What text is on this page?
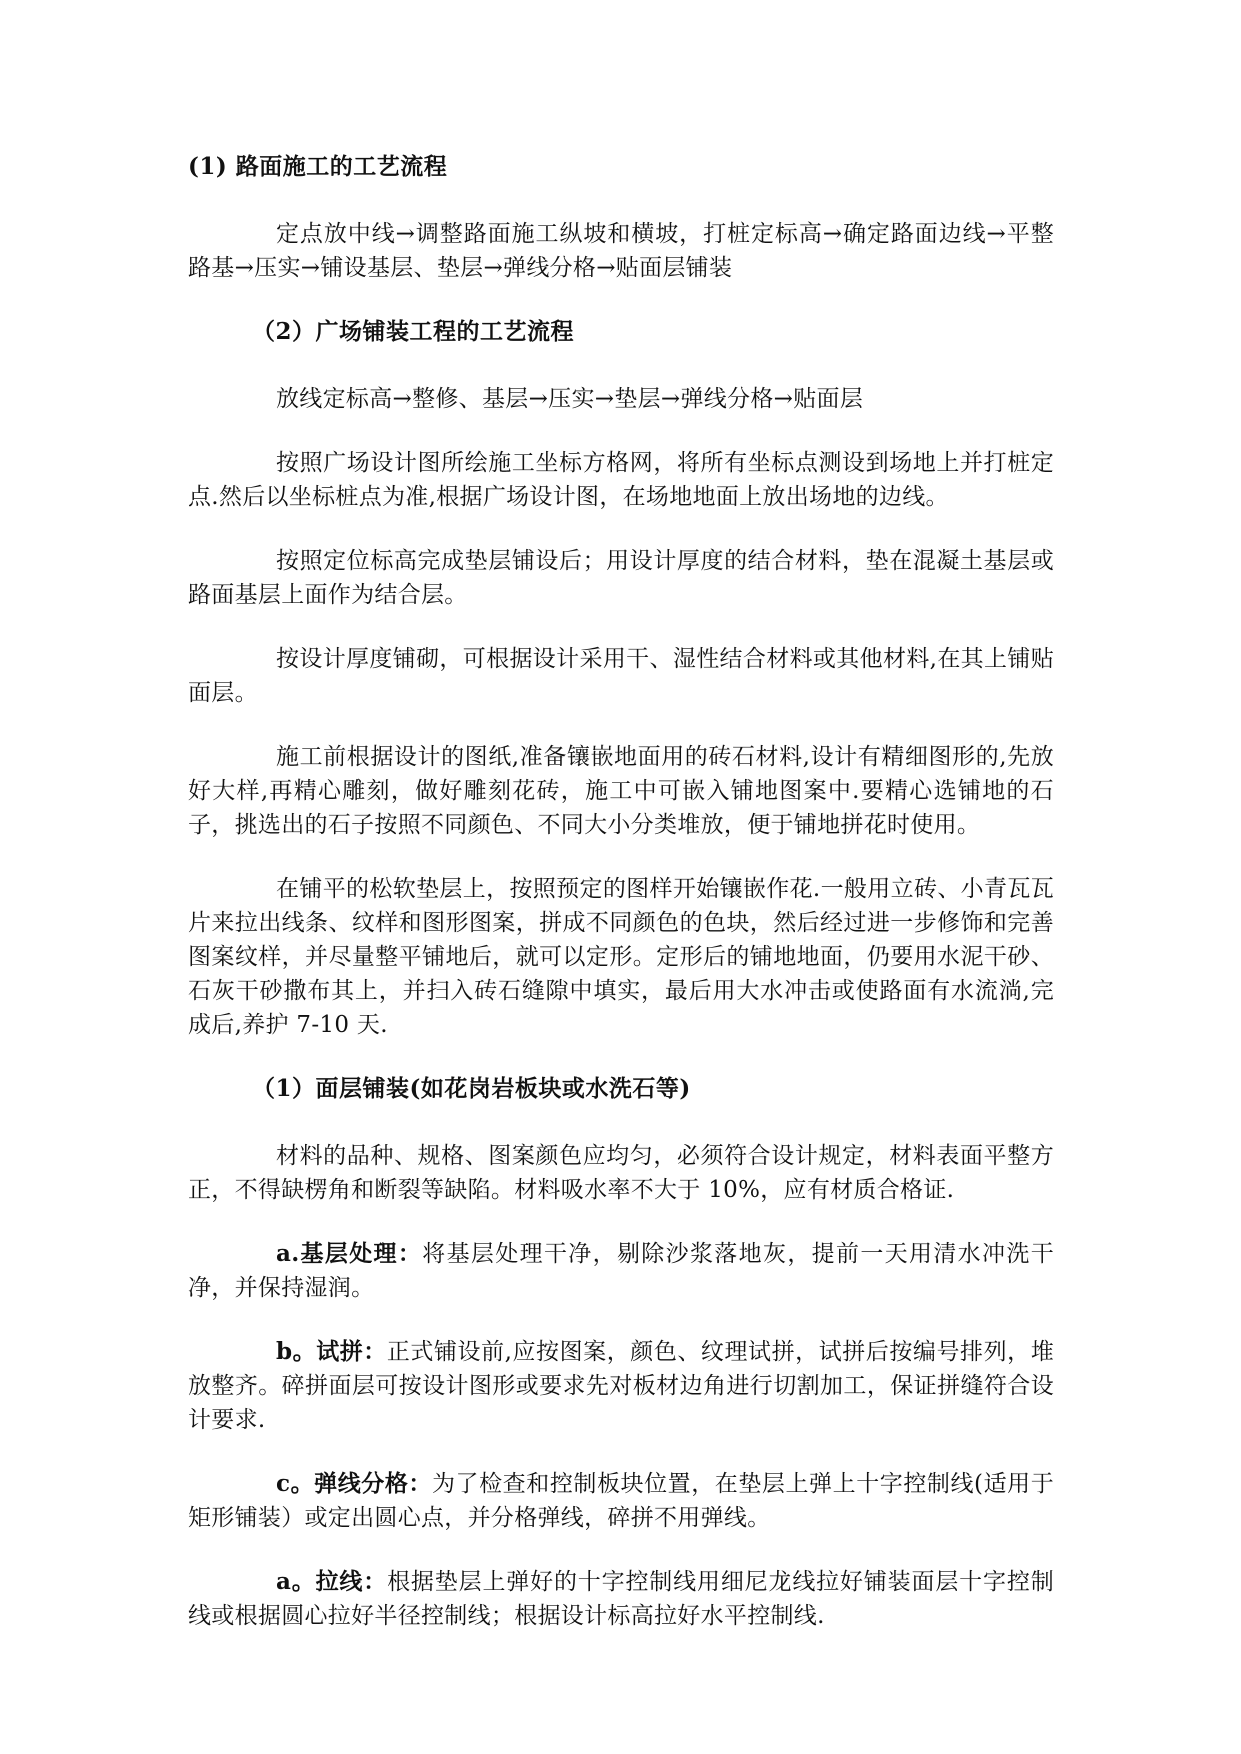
(1) 路面施工的工艺流程

定点放中线→调整路面施工纵坡和横坡，打桩定标高→确定路面边线→平整路基→压实→铺设基层、垫层→弹线分格→贴面层铺装

（2）广场铺装工程的工艺流程

放线定标高→整修、基层→压实→垫层→弹线分格→贴面层

按照广场设计图所绘施工坐标方格网，将所有坐标点测设到场地上并打桩定点.然后以坐标桩点为准,根据广场设计图，在场地地面上放出场地的边线。

按照定位标高完成垫层铺设后；用设计厚度的结合材料，垫在混凝土基层或路面基层上面作为结合层。

按设计厚度铺砌，可根据设计采用干、湿性结合材料或其他材料,在其上铺贴面层。

施工前根据设计的图纸,准备镶嵌地面用的砖石材料,设计有精细图形的,先放好大样,再精心雕刻，做好雕刻花砖，施工中可嵌入铺地图案中.要精心选铺地的石子，挑选出的石子按照不同颜色、不同大小分类堆放，便于铺地拼花时使用。

在铺平的松软垫层上，按照预定的图样开始镶嵌作花.一般用立砖、小青瓦瓦片来拉出线条、纹样和图形图案，拼成不同颜色的色块，然后经过进一步修饰和完善图案纹样，并尽量整平铺地后，就可以定形。定形后的铺地地面，仍要用水泥干砂、石灰干砂撒布其上，并扫入砖石缝隙中填实，最后用大水冲击或使路面有水流淌,完成后,养护 7-10 天.

（1）面层铺装(如花岗岩板块或水洗石等)

材料的品种、规格、图案颜色应均匀，必须符合设计规定，材料表面平整方正，不得缺楞角和断裂等缺陷。材料吸水率不大于 10%，应有材质合格证.

a.基层处理：将基层处理干净，剔除沙浆落地灰，提前一天用清水冲洗干净，并保持湿润。

b。试拼：正式铺设前,应按图案，颜色、纹理试拼，试拼后按编号排列，堆放整齐。碎拼面层可按设计图形或要求先对板材边角进行切割加工，保证拼缝符合设计要求.

c。弹线分格：为了检查和控制板块位置，在垫层上弹上十字控制线(适用于矩形铺装）或定出圆心点，并分格弹线，碎拼不用弹线。

a。拉线：根据垫层上弹好的十字控制线用细尼龙线拉好铺装面层十字控制线或根据圆心拉好半径控制线；根据设计标高拉好水平控制线.
